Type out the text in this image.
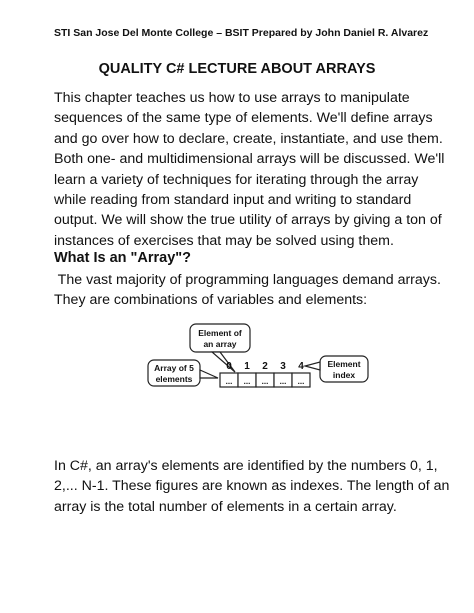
STI San Jose Del Monte College – BSIT Prepared by John Daniel R. Alvarez
QUALITY C# LECTURE ABOUT ARRAYS

This chapter teaches us how to use arrays to manipulate
sequences of the same type of elements. We'll define arrays
and go over how to declare, create, instantiate, and use them.
Both one- and multidimensional arrays will be discussed. We'll
learn a variety of techniques for iterating through the array
while reading from standard input and writing to standard
output. We will show the true utility of arrays by giving a ton of
instances of exercises that may be solved using them.

What Is an "Array"?

The vast majority of programming languages demand arrays.
They are combinations of variables and elements:

Element of
an array
Array of 5
elements
Element
index
0 1 2 3 4
... ... ... ... ...

In C#, an array's elements are identified by the numbers 0, 1,
2,... N-1. These figures are known as indexes. The length of an
array is the total number of elements in a certain array.
